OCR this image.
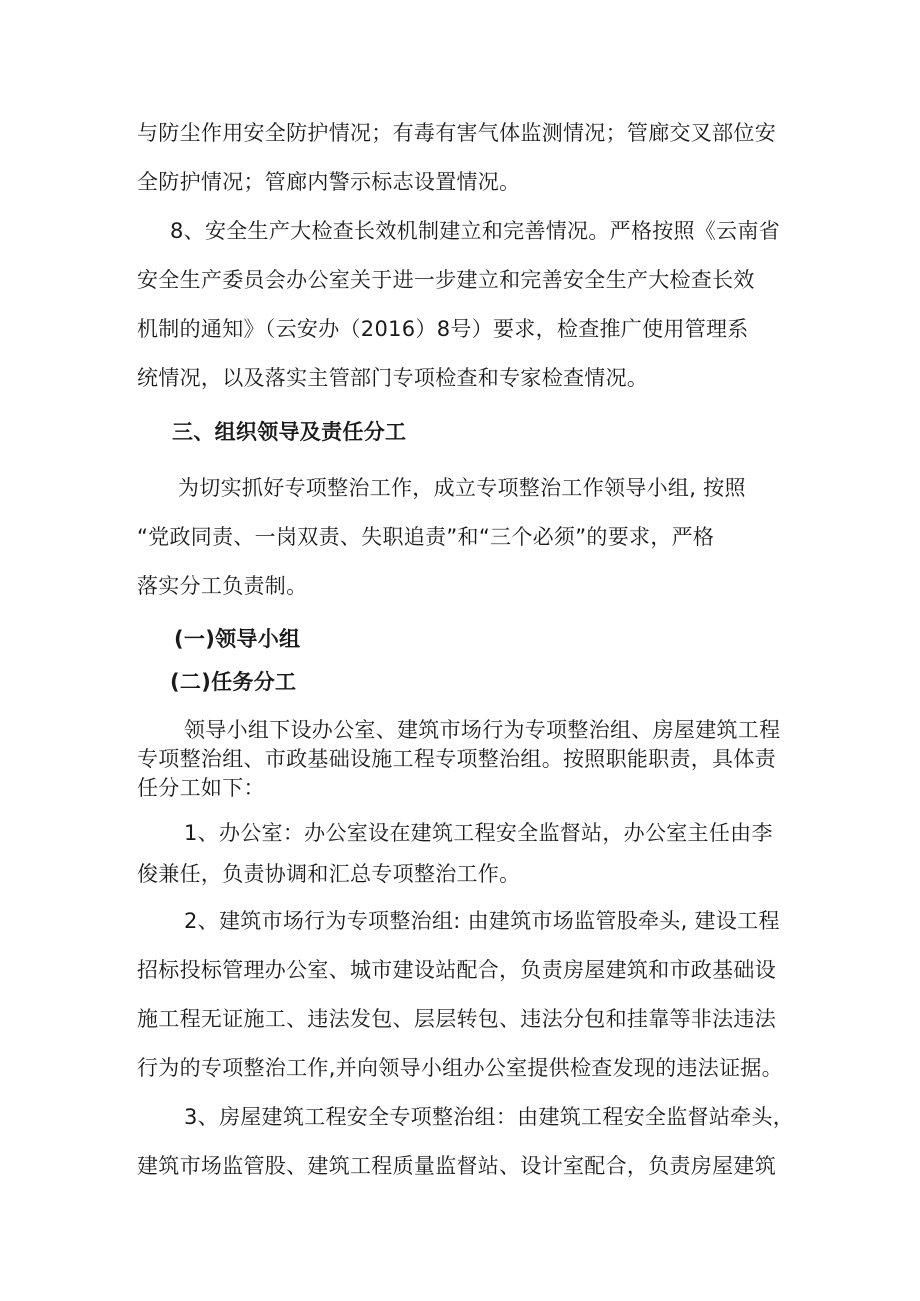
与防尘作用安全防护情况；有毒有害气体监测情况；管廊交叉部位安
全防护情况；管廊内警示标志设置情况。
8、安全生产大检查长效机制建立和完善情况。严格按照《云南省
安全生产委员会办公室关于进一步建立和完善安全生产大检查长效
机制的通知》（云安办（2016）8号）要求，检查推广使用管理系
统情况，以及落实主管部门专项检查和专家检查情况。
三、组织领导及责任分工
为切实抓好专项整治工作，成立专项整治工作领导小组, 按照
“党政同责、一岗双责、失职追责”和“三个必须”的要求，严格
落实分工负责制。
(一)领导小组
(二)任务分工
领导小组下设办公室、建筑市场行为专项整治组、房屋建筑工程
专项整治组、市政基础设施工程专项整治组。按照职能职责，具体责
任分工如下：
1、办公室：办公室设在建筑工程安全监督站，办公室主任由李
俊兼任，负责协调和汇总专项整治工作。
2、建筑市场行为专项整治组: 由建筑市场监管股牵头, 建设工程
招标投标管理办公室、城市建设站配合，负责房屋建筑和市政基础设
施工程无证施工、违法发包、层层转包、违法分包和挂靠等非法违法
行为的专项整治工作,并向领导小组办公室提供检查发现的违法证据。
3、房屋建筑工程安全专项整治组：由建筑工程安全监督站牵头，
建筑市场监管股、建筑工程质量监督站、设计室配合，负责房屋建筑
